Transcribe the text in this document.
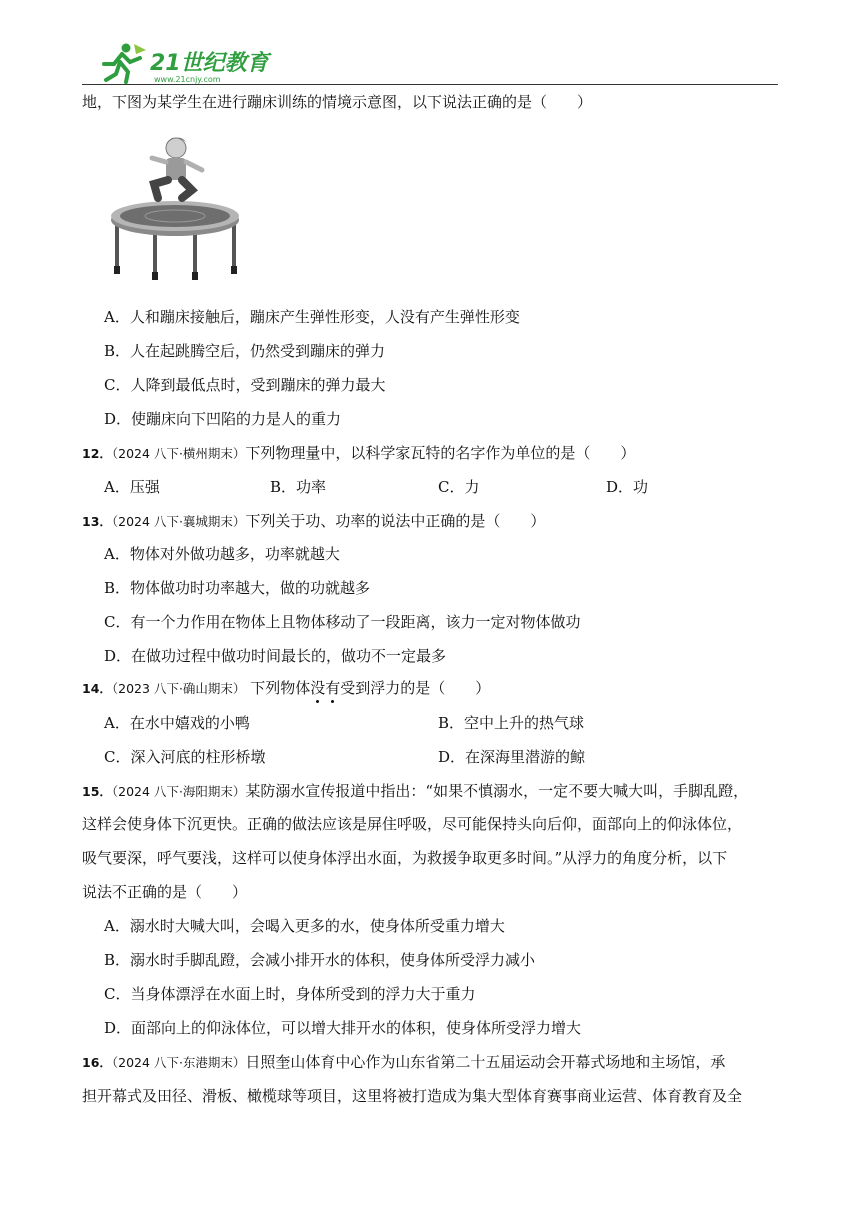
21世纪教育
www.21cnjy.com
地，下图为某学生在进行蹦床训练的情境示意图，以下说法正确的是（　　）
A．人和蹦床接触后，蹦床产生弹性形变，人没有产生弹性形变
B．人在起跳腾空后，仍然受到蹦床的弹力
C．人降到最低点时，受到蹦床的弹力最大
D．使蹦床向下凹陷的力是人的重力
12．（2024 八下·横州期末）下列物理量中，以科学家瓦特的名字作为单位的是（　　）
A．压强	B．功率	C．力	D．功
13．（2024 八下·襄城期末）下列关于功、功率的说法中正确的是（　　）
A．物体对外做功越多，功率就越大
B．物体做功时功率越大，做的功就越多
C．有一个力作用在物体上且物体移动了一段距离，该力一定对物体做功
D．在做功过程中做功时间最长的，做功不一定最多
14．（2023 八下·确山期末） 下列物体没有受到浮力的是（　　）
A．在水中嬉戏的小鸭	B．空中上升的热气球
C．深入河底的柱形桥墩	D．在深海里潜游的鲸
15．（2024 八下·海阳期末）某防溺水宣传报道中指出：“如果不慎溺水，一定不要大喊大叫，手脚乱蹬，
这样会使身体下沉更快。正确的做法应该是屏住呼吸，尽可能保持头向后仰，面部向上的仰泳体位，
吸气要深，呼气要浅，这样可以使身体浮出水面，为救援争取更多时间。”从浮力的角度分析，以下
说法不正确的是（　　）
A．溺水时大喊大叫，会喝入更多的水，使身体所受重力增大
B．溺水时手脚乱蹬，会减小排开水的体积，使身体所受浮力减小
C．当身体漂浮在水面上时，身体所受到的浮力大于重力
D．面部向上的仰泳体位，可以增大排开水的体积，使身体所受浮力增大
16．（2024 八下·东港期末）日照奎山体育中心作为山东省第二十五届运动会开幕式场地和主场馆，承
担开幕式及田径、滑板、橄榄球等项目，这里将被打造成为集大型体育赛事商业运营、体育教育及全
